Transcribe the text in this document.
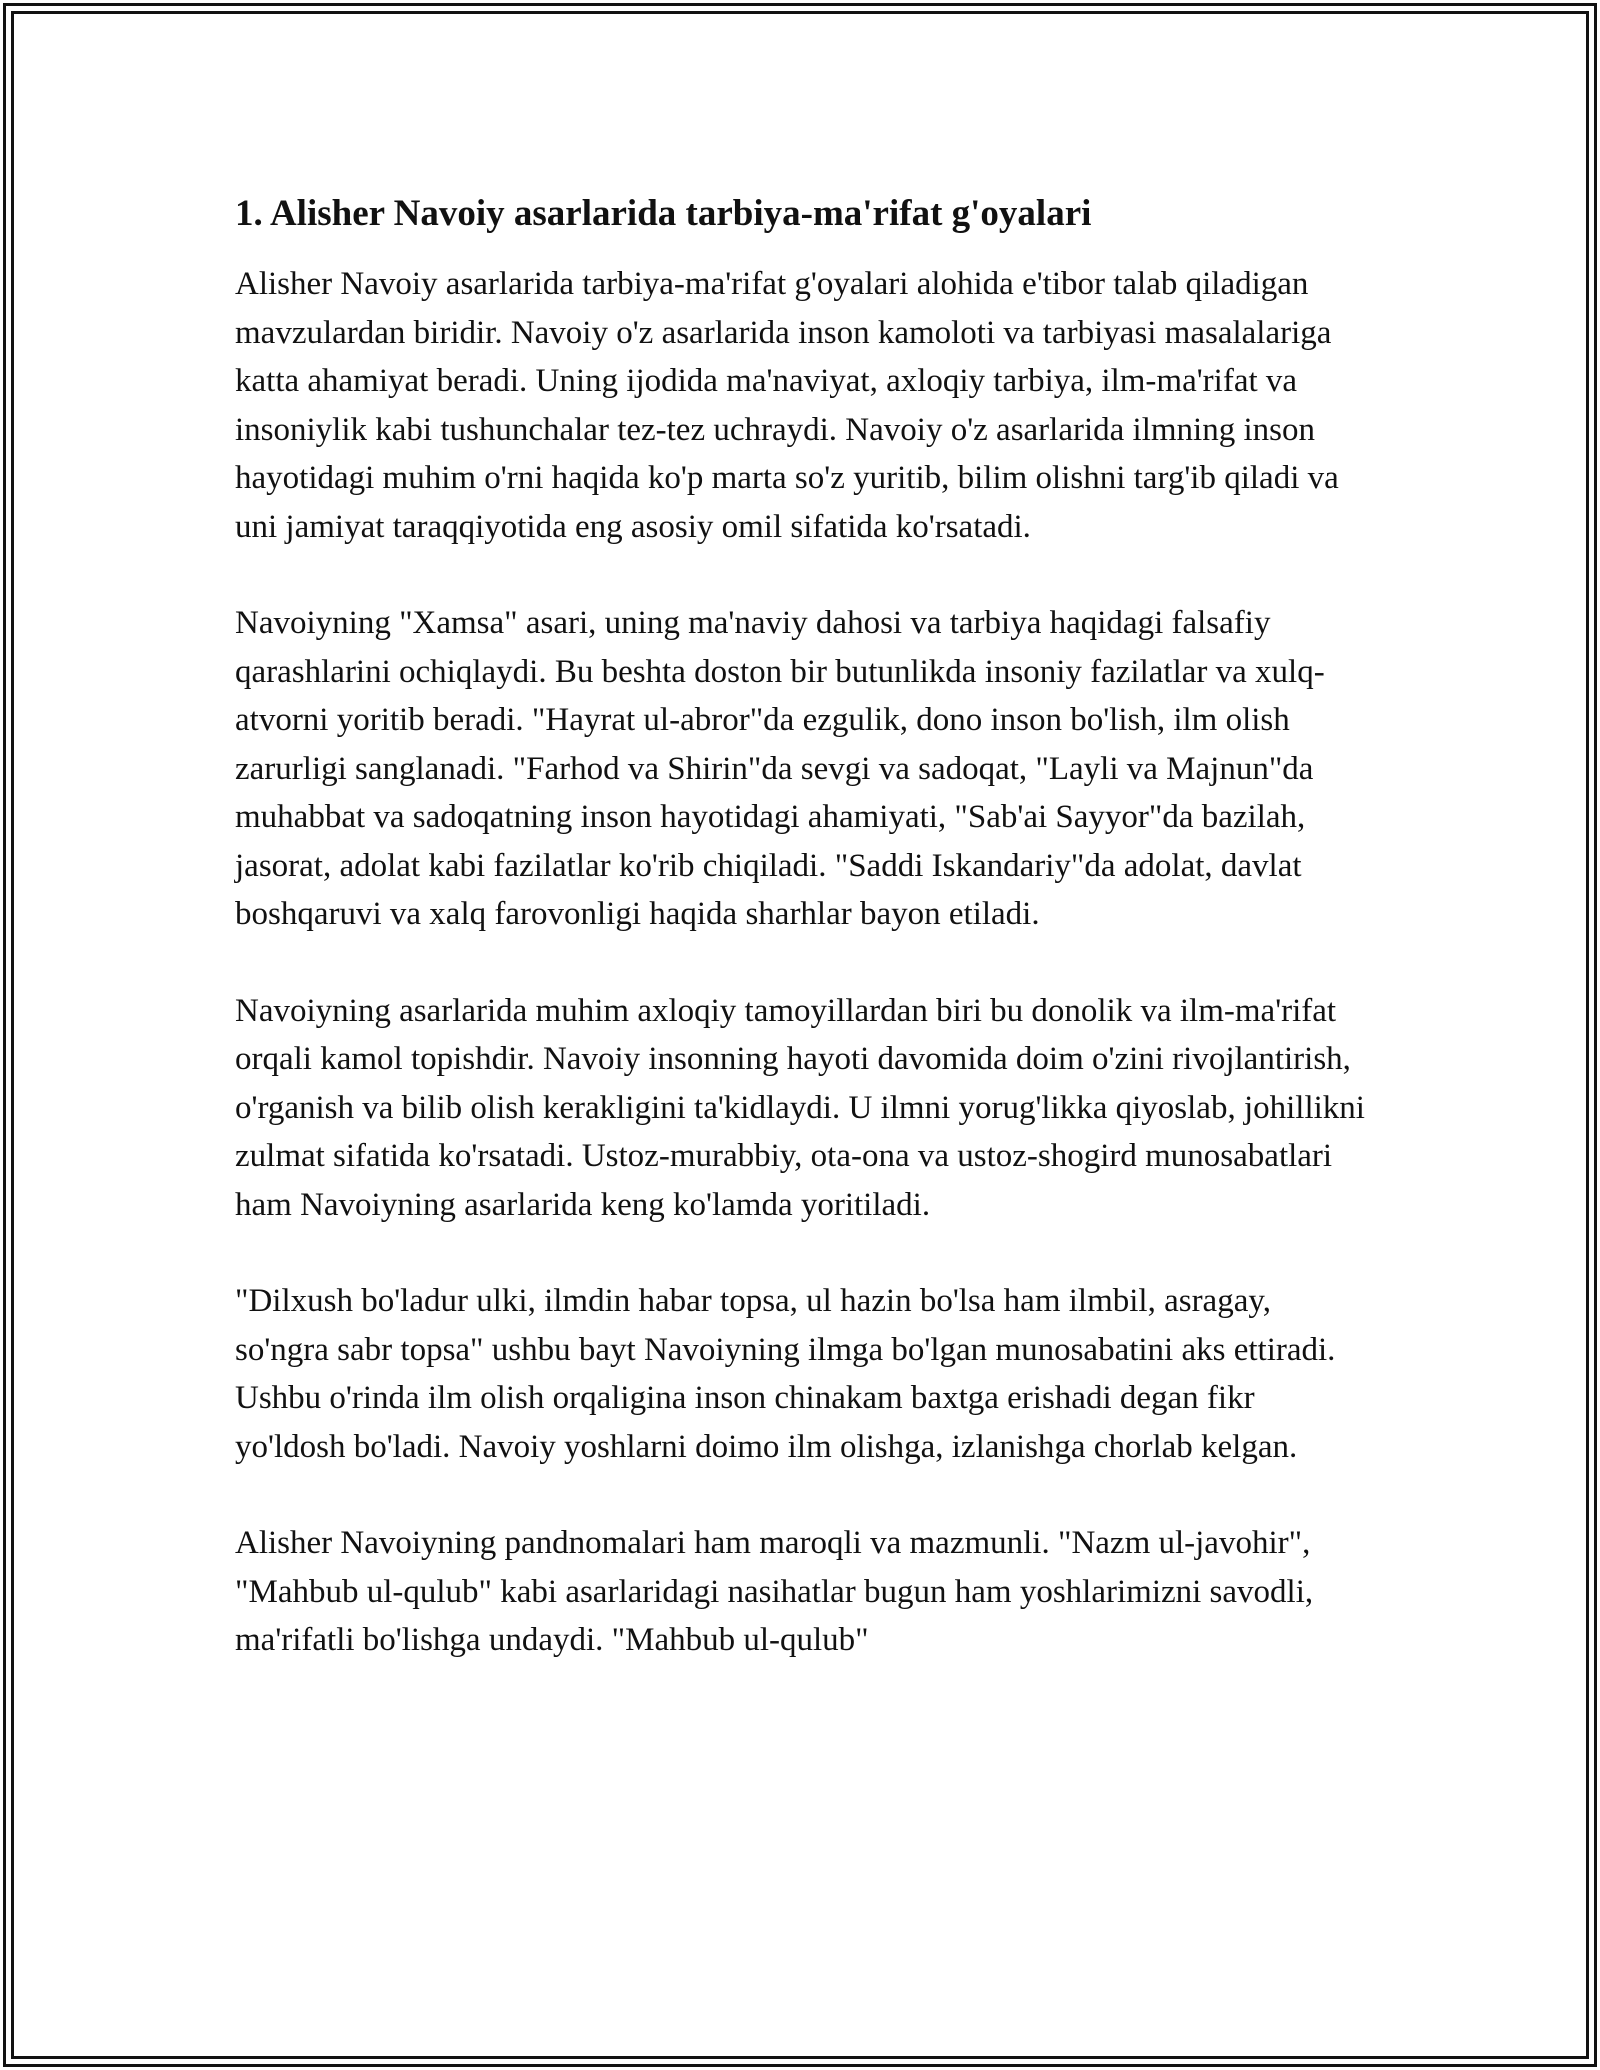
1. Alisher Navoiy asarlarida tarbiya-ma'rifat g'oyalari

Alisher Navoiy asarlarida tarbiya-ma'rifat g'oyalari alohida e'tibor talab qiladigan mavzulardan biridir. Navoiy o'z asarlarida inson kamoloti va tarbiyasi masalalariga katta ahamiyat beradi. Uning ijodida ma'naviyat, axloqiy tarbiya, ilm-ma'rifat va insoniylik kabi tushunchalar tez-tez uchraydi. Navoiy o'z asarlarida ilmning inson hayotidagi muhim o'rni haqida ko'p marta so'z yuritib, bilim olishni targ'ib qiladi va uni jamiyat taraqqiyotida eng asosiy omil sifatida ko'rsatadi.

Navoiyning "Xamsa" asari, uning ma'naviy dahosi va tarbiya haqidagi falsafiy qarashlarini ochiqlaydi. Bu beshta doston bir butunlikda insoniy fazilatlar va xulq-atvorni yoritib beradi. "Hayrat ul-abror"da ezgulik, dono inson bo'lish, ilm olish zarurligi sanglanadi. "Farhod va Shirin"da sevgi va sadoqat, "Layli va Majnun"da muhabbat va sadoqatning inson hayotidagi ahamiyati, "Sab'ai Sayyor"da bazilah, jasorat, adolat kabi fazilatlar ko'rib chiqiladi. "Saddi Iskandariy"da adolat, davlat boshqaruvi va xalq farovonligi haqida sharhlar bayon etiladi.

Navoiyning asarlarida muhim axloqiy tamoyillardan biri bu donolik va ilm-ma'rifat orqali kamol topishdir. Navoiy insonning hayoti davomida doim o'zini rivojlantirish, o'rganish va bilib olish kerakligini ta'kidlaydi. U ilmni yorug'likka qiyoslab, johillikni zulmat sifatida ko'rsatadi. Ustoz-murabbiy, ota-ona va ustoz-shogird munosabatlari ham Navoiyning asarlarida keng ko'lamda yoritiladi.

"Dilxush bo'ladur ulki, ilmdin habar topsa, ul hazin bo'lsa ham ilmbil, asragay, so'ngra sabr topsa" ushbu bayt Navoiyning ilmga bo'lgan munosabatini aks ettiradi. Ushbu o'rinda ilm olish orqaligina inson chinakam baxtga erishadi degan fikr yo'ldosh bo'ladi. Navoiy yoshlarni doimo ilm olishga, izlanishga chorlab kelgan.

Alisher Navoiyning pandnomalari ham maroqli va mazmunli. "Nazm ul-javohir", "Mahbub ul-qulub" kabi asarlaridagi nasihatlar bugun ham yoshlarimizni savodli, ma'rifatli bo'lishga undaydi. "Mahbub ul-qulub"
